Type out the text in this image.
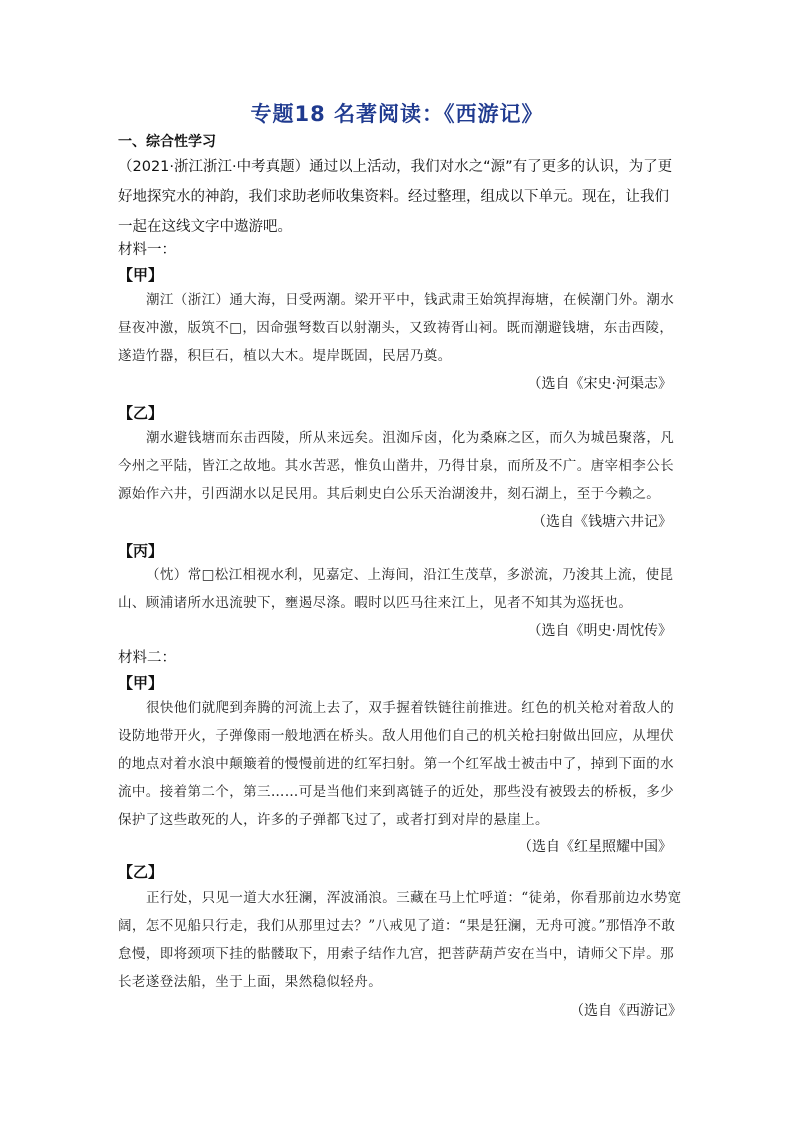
专题18 名著阅读：《西游记》
一、综合性学习
（2021·浙江浙江·中考真题）通过以上活动，我们对水之“源”有了更多的认识，为了更好地探究水的神韵，我们求助老师收集资料。经过整理，组成以下单元。现在，让我们一起在这线文字中遨游吧。
材料一：
【甲】
潮江（浙江）通大海，日受两潮。梁开平中，钱武肃王始筑捍海塘，在候潮门外。潮水昼夜冲激，版筑不□，因命强弩数百以射潮头，又致祷胥山祠。既而潮避钱塘，东击西陵，遂造竹器，积巨石，植以大木。堤岸既固，民居乃奠。
（选自《宋史·河渠志》
【乙】
潮水避钱塘而东击西陵，所从来远矣。沮洳斥卤，化为桑麻之区，而久为城邑聚落，凡今州之平陆，皆江之故地。其水苦恶，惟负山凿井，乃得甘泉，而所及不广。唐宰相李公长源始作六井，引西湖水以足民用。其后刺史白公乐天治湖浚井，刻石湖上，至于今赖之。
（选自《钱塘六井记》
【丙】
（忱）常□松江相视水利，见嘉定、上海间，沿江生茂草，多淤流，乃浚其上流，使昆山、顾浦诸所水迅流驶下，壅遏尽涤。暇时以匹马往来江上，见者不知其为巡抚也。
（选自《明史·周忱传》
材料二：
【甲】
很快他们就爬到奔腾的河流上去了，双手握着铁链往前推进。红色的机关枪对着敌人的设防地带开火，子弹像雨一般地洒在桥头。敌人用他们自己的机关枪扫射做出回应，从埋伏的地点对着水浪中颠簸着的慢慢前进的红军扫射。第一个红军战士被击中了，掉到下面的水流中。接着第二个，第三……可是当他们来到离链子的近处，那些没有被毁去的桥板，多少保护了这些敢死的人，许多的子弹都飞过了，或者打到对岸的悬崖上。
（选自《红星照耀中国》
【乙】
正行处，只见一道大水狂澜，浑波涌浪。三藏在马上忙呼道：“徒弟，你看那前边水势宽阔，怎不见船只行走，我们从那里过去？”八戒见了道：“果是狂澜，无舟可渡。”那悟净不敢怠慢，即将颈项下挂的骷髅取下，用索子结作九宫，把菩萨葫芦安在当中，请师父下岸。那长老遂登法船，坐于上面，果然稳似轻舟。
（选自《西游记》
